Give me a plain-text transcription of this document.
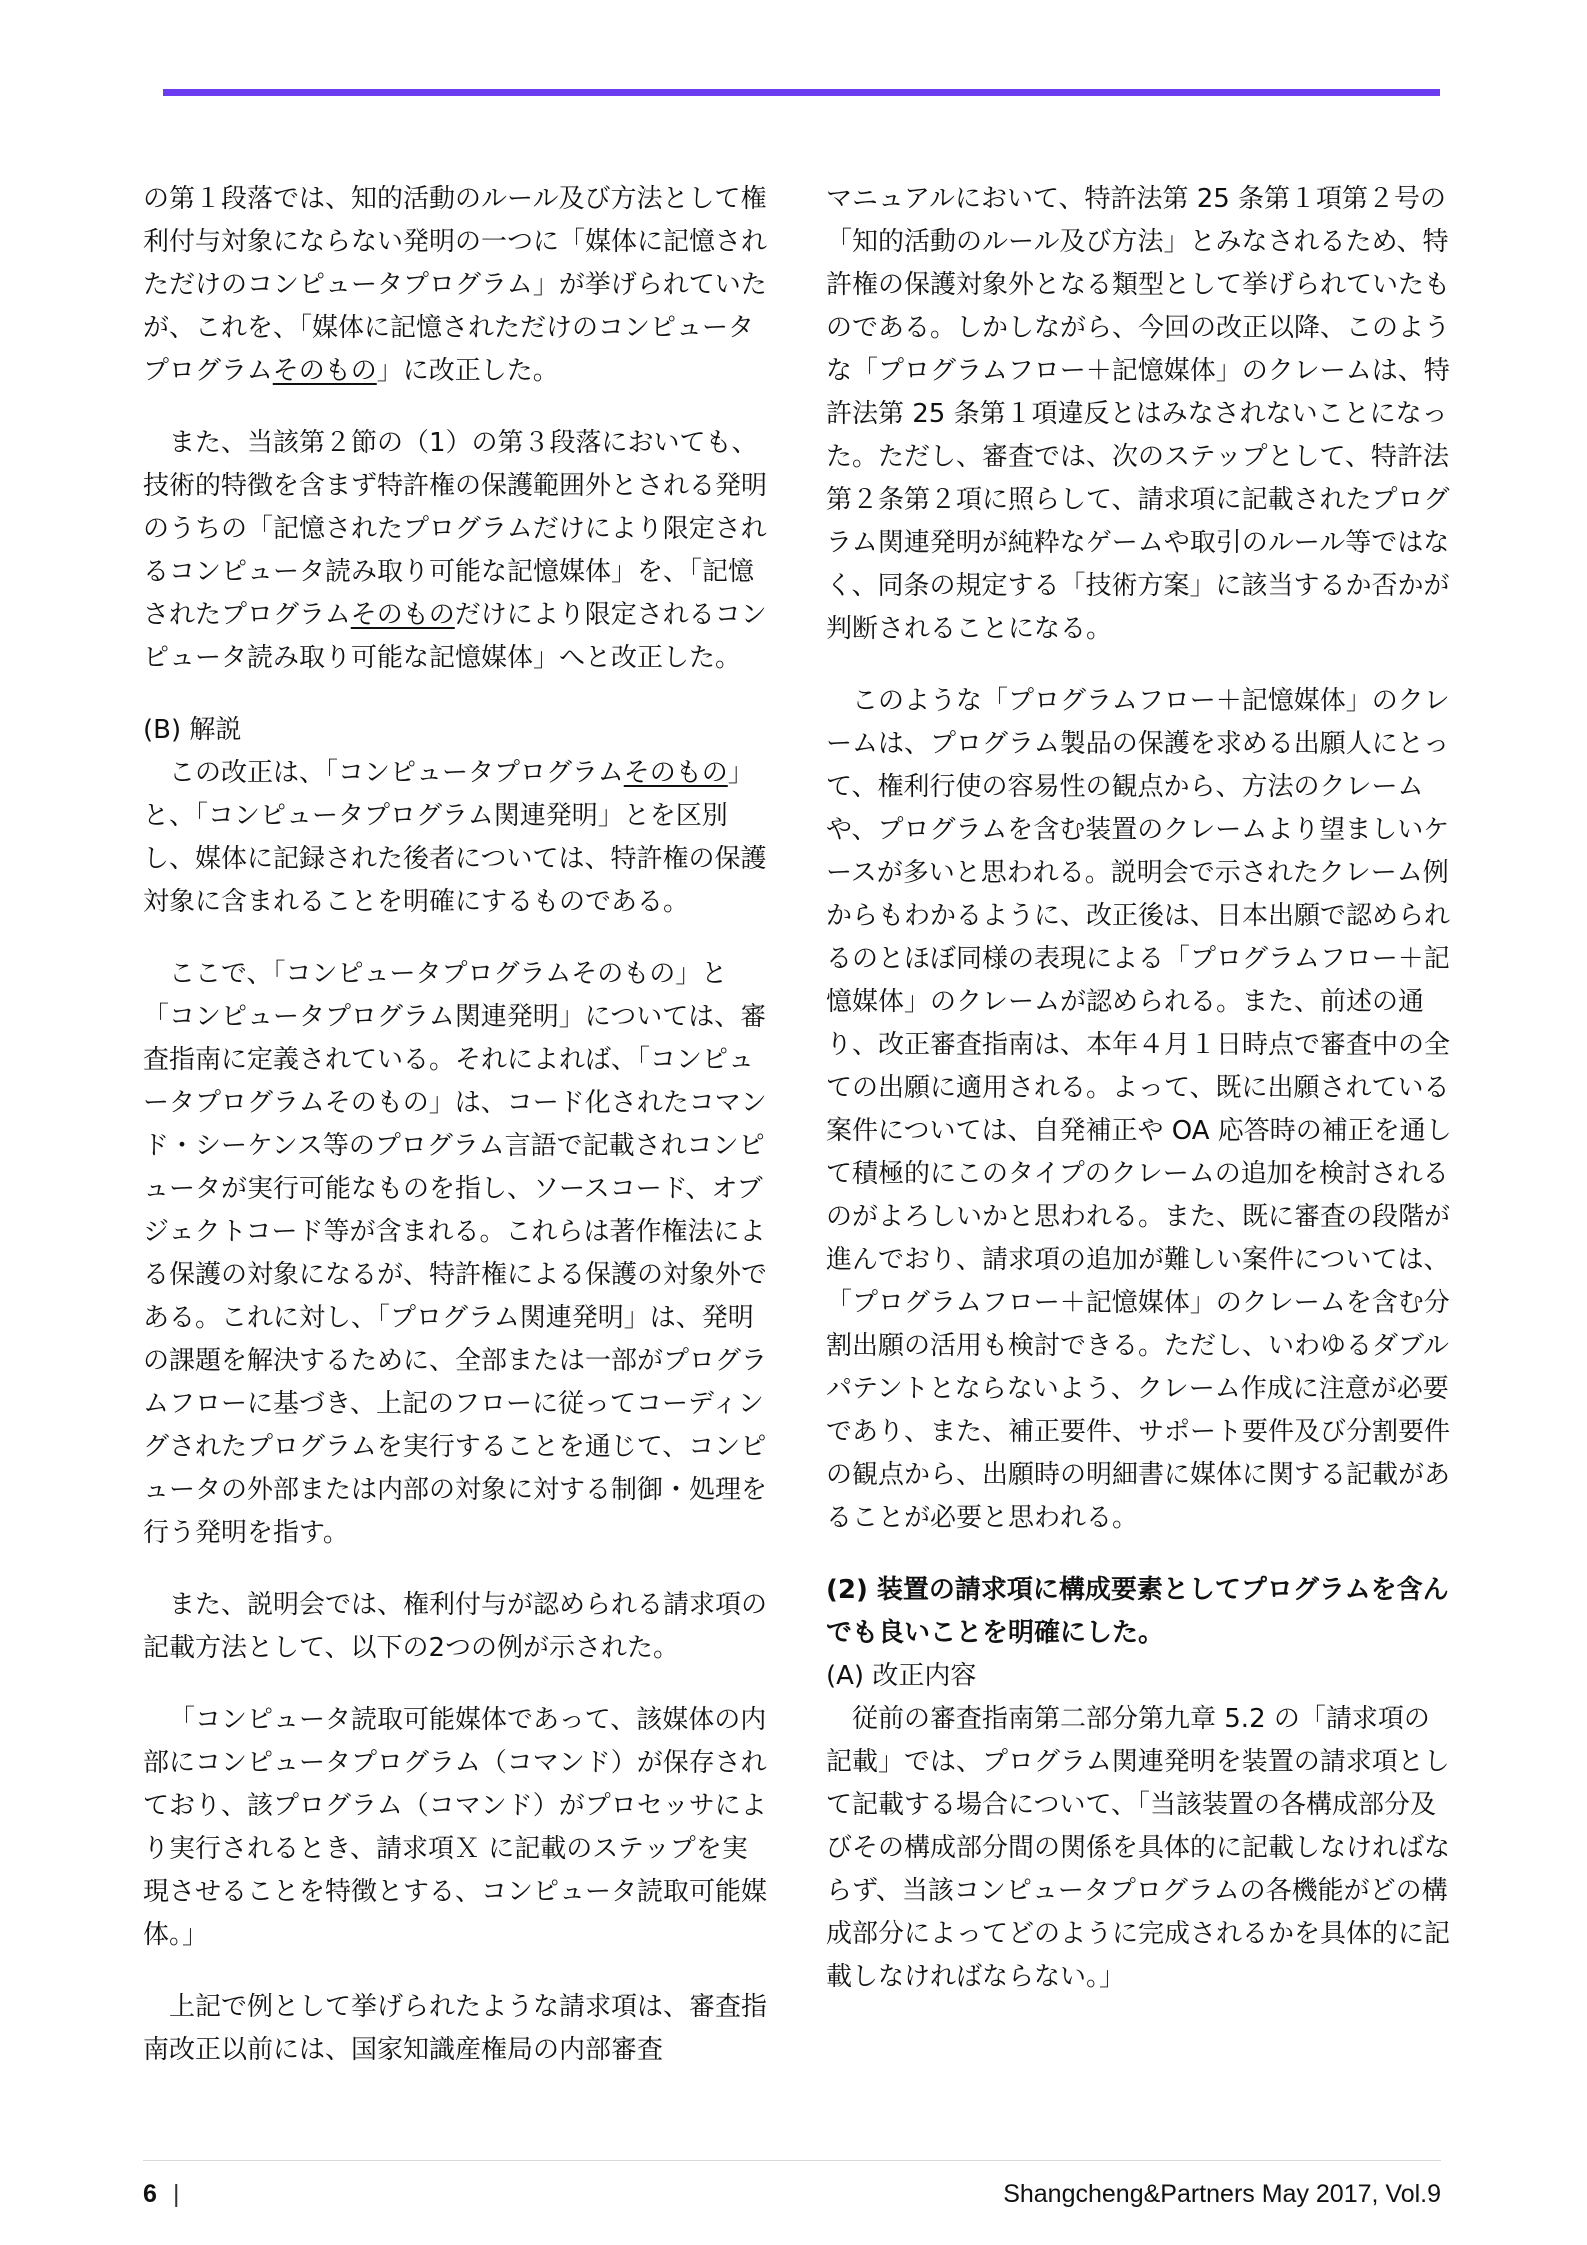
の第１段落では、知的活動のルール及び方法として権利付与対象にならない発明の一つに「媒体に記憶されただけのコンピュータプログラム」が挙げられていたが、これを、「媒体に記憶されただけのコンピュータプログラムそのもの」に改正した。

また、当該第２節の（1）の第３段落においても、技術的特徴を含まず特許権の保護範囲外とされる発明のうちの「記憶されたプログラムだけにより限定されるコンピュータ読み取り可能な記憶媒体」を、「記憶されたプログラムそのものだけにより限定されるコンピュータ読み取り可能な記憶媒体」へと改正した。

(B) 解説

この改正は、「コンピュータプログラムそのもの」と、「コンピュータプログラム関連発明」とを区別し、媒体に記録された後者については、特許権の保護対象に含まれることを明確にするものである。

ここで、「コンピュータプログラムそのもの」と「コンピュータプログラム関連発明」については、審査指南に定義されている。それによれば、「コンピュータプログラムそのもの」は、コード化されたコマンド・シーケンス等のプログラム言語で記載されコンピュータが実行可能なものを指し、ソースコード、オブジェクトコード等が含まれる。これらは著作権法による保護の対象になるが、特許権による保護の対象外である。これに対し、「プログラム関連発明」は、発明の課題を解決するために、全部または一部がプログラムフローに基づき、上記のフローに従ってコーディングされたプログラムを実行することを通じて、コンピュータの外部または内部の対象に対する制御・処理を行う発明を指す。

また、説明会では、権利付与が認められる請求項の記載方法として、以下の2つの例が示された。

「コンピュータ読取可能媒体であって、該媒体の内部にコンピュータプログラム（コマンド）が保存されており、該プログラム（コマンド）がプロセッサにより実行されるとき、請求項Ｘ に記載のステップを実現させることを特徴とする、コンピュータ読取可能媒体。」

上記で例として挙げられたような請求項は、審査指南改正以前には、国家知識産権局の内部審査

マニュアルにおいて、特許法第 25 条第１項第２号の「知的活動のルール及び方法」とみなされるため、特許権の保護対象外となる類型として挙げられていたものである。しかしながら、今回の改正以降、このような「プログラムフロー＋記憶媒体」のクレームは、特許法第 25 条第１項違反とはみなされないことになった。ただし、審査では、次のステップとして、特許法第２条第２項に照らして、請求項に記載されたプログラム関連発明が純粋なゲームや取引のルール等ではなく、同条の規定する「技術方案」に該当するか否かが判断されることになる。

このような「プログラムフロー＋記憶媒体」のクレームは、プログラム製品の保護を求める出願人にとって、権利行使の容易性の観点から、方法のクレームや、プログラムを含む装置のクレームより望ましいケースが多いと思われる。説明会で示されたクレーム例からもわかるように、改正後は、日本出願で認められるのとほぼ同様の表現による「プログラムフロー＋記憶媒体」のクレームが認められる。また、前述の通り、改正審査指南は、本年４月１日時点で審査中の全ての出願に適用される。よって、既に出願されている案件については、自発補正や OA 応答時の補正を通して積極的にこのタイプのクレームの追加を検討されるのがよろしいかと思われる。また、既に審査の段階が進んでおり、請求項の追加が難しい案件については、「プログラムフロー＋記憶媒体」のクレームを含む分割出願の活用も検討できる。ただし、いわゆるダブルパテントとならないよう、クレーム作成に注意が必要であり、また、補正要件、サポート要件及び分割要件の観点から、出願時の明細書に媒体に関する記載があることが必要と思われる。

(2) 装置の請求項に構成要素としてプログラムを含んでも良いことを明確にした。

(A) 改正内容

従前の審査指南第二部分第九章 5.2 の「請求項の記載」では、プログラム関連発明を装置の請求項として記載する場合について、「当該装置の各構成部分及びその構成部分間の関係を具体的に記載しなければならず、当該コンピュータプログラムの各機能がどの構成部分によってどのように完成されるかを具体的に記載しなければならない。」

6 |	Shangcheng&Partners May 2017, Vol.9
